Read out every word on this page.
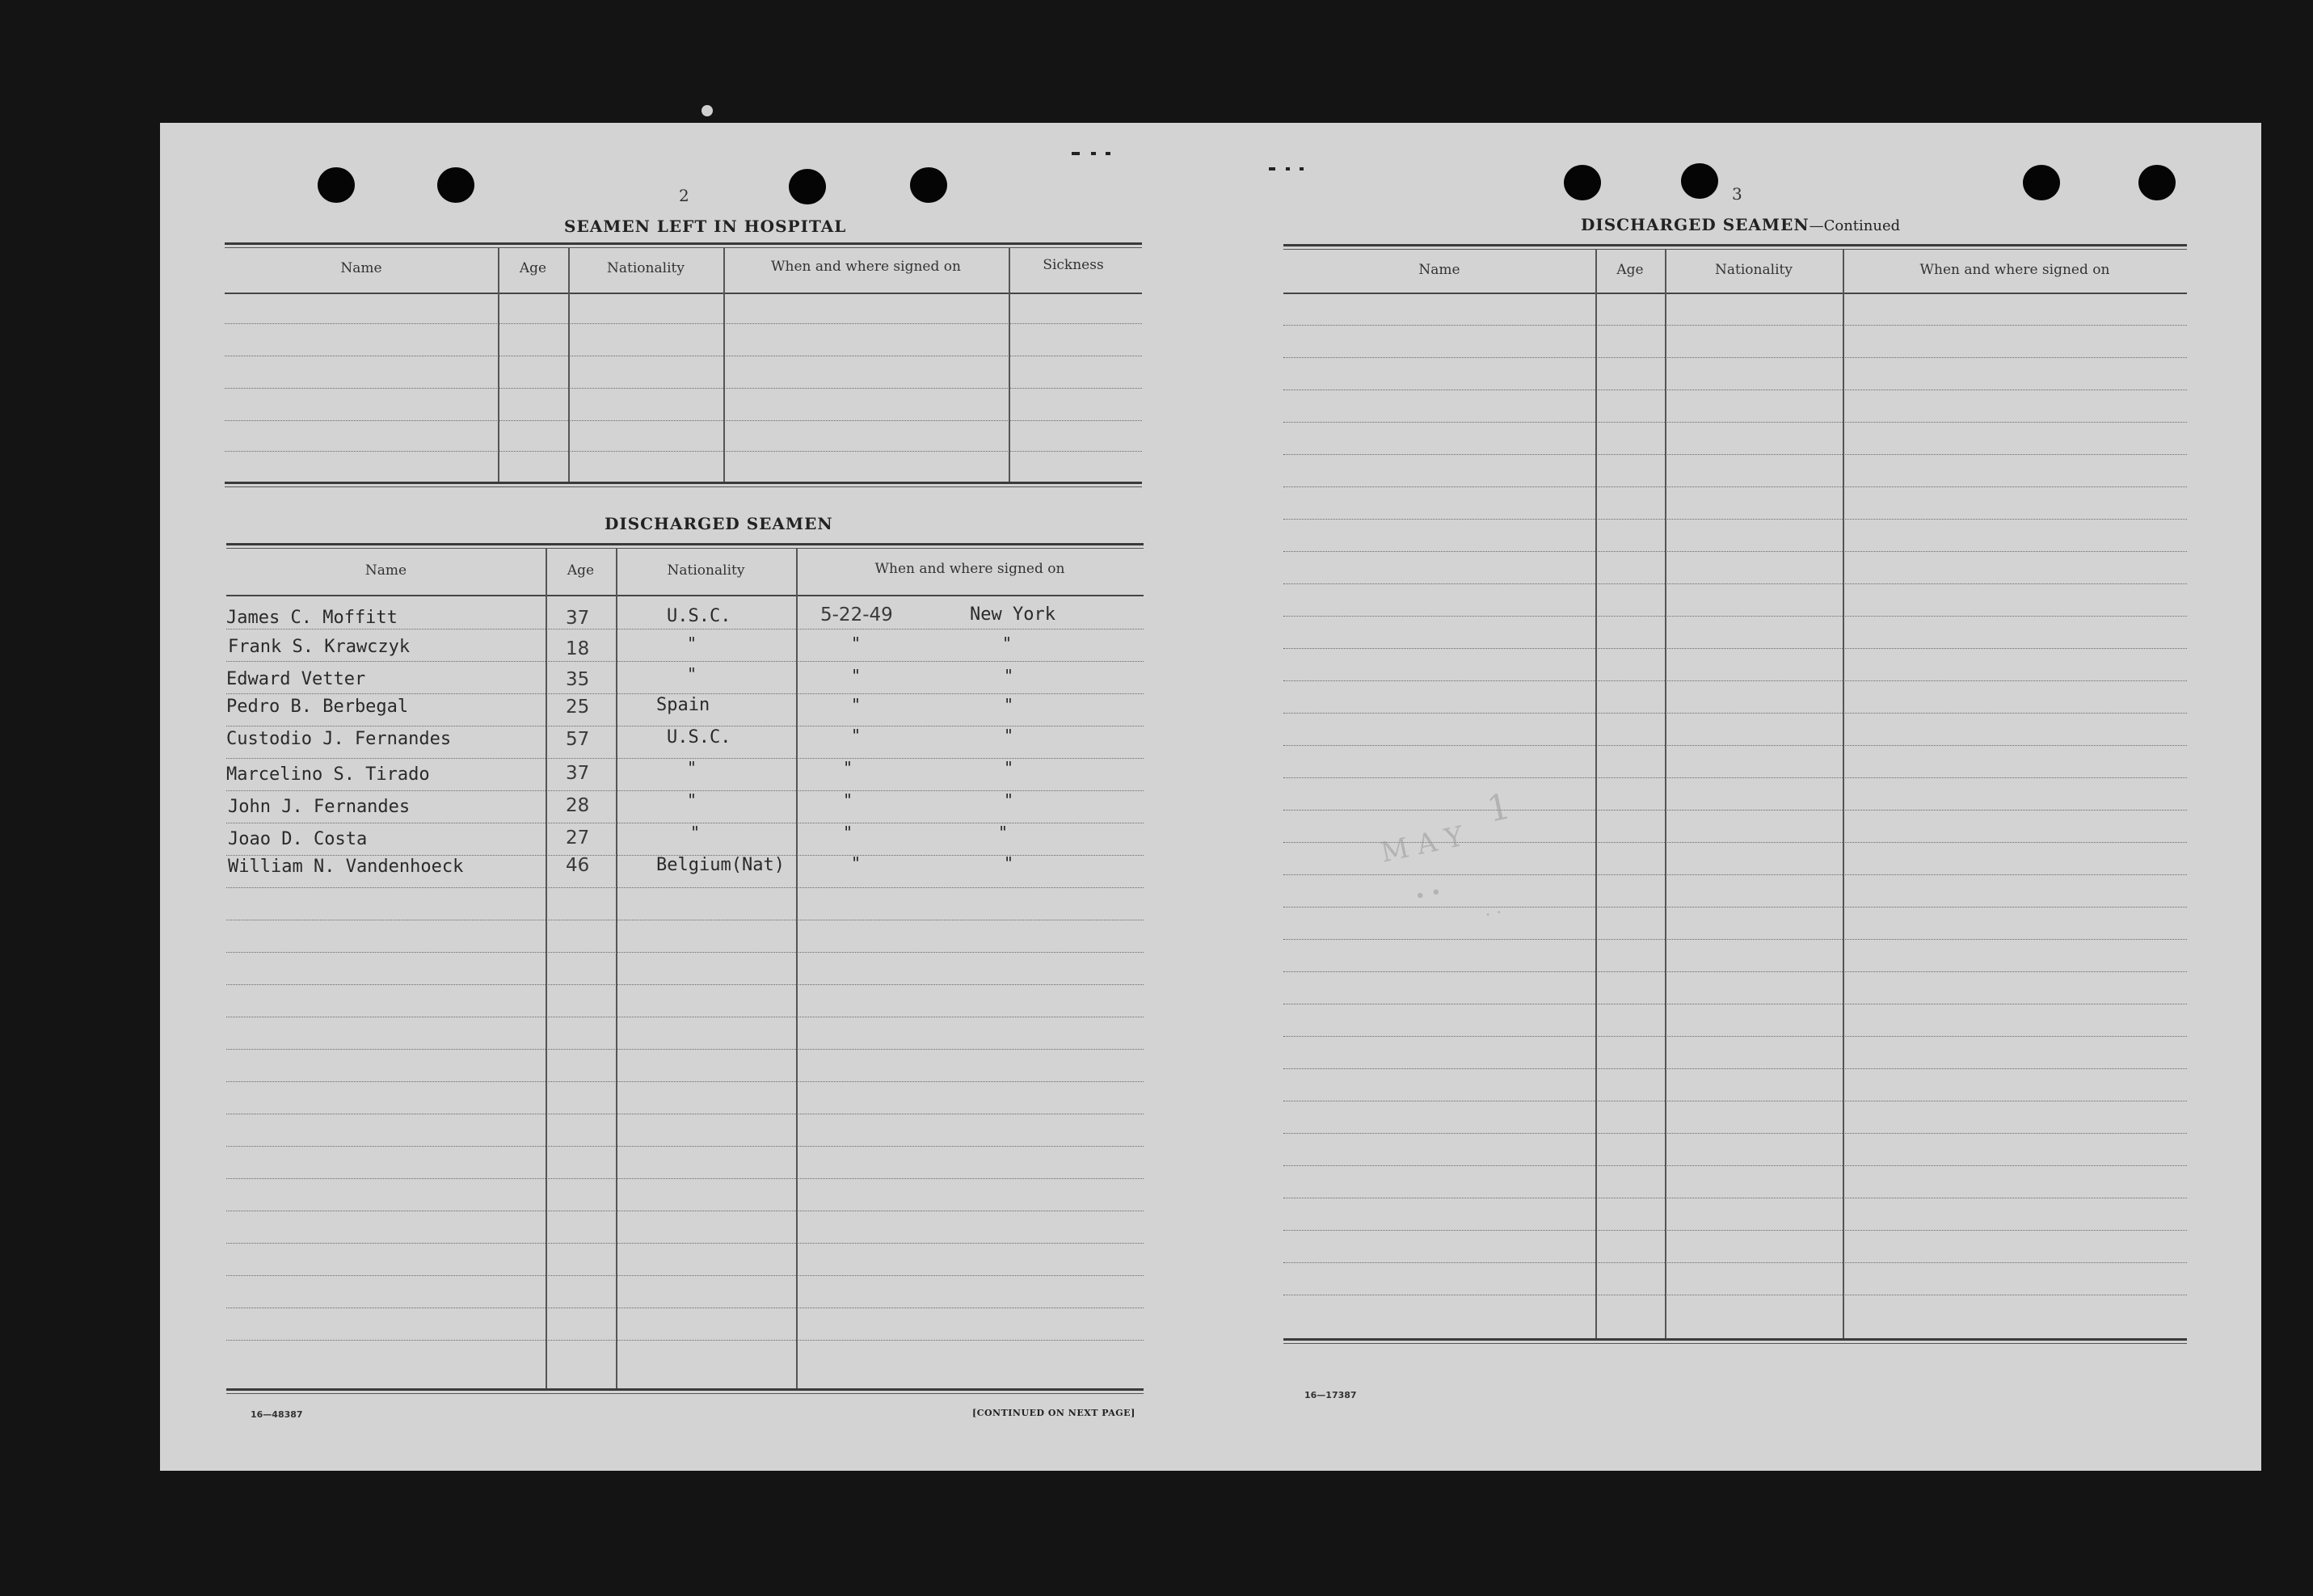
2
SEAMEN LEFT IN HOSPITAL
Name	Age	Nationality	When and where signed on	Sickness
DISCHARGED SEAMEN
Name	Age	Nationality	When and where signed on
James C. Moffitt	37	U.S.C.	5-22-49	New York
Frank S. Krawczyk	18	"	"	"
Edward Vetter	35	"	"	"
Pedro B. Berbegal	25	Spain	"	"
Custodio J. Fernandes	57	U.S.C.	"	"
Marcelino S. Tirado	37	"	"	"
John J. Fernandes	28	"	"	"
Joao D. Costa	27	"	"	"
William N. Vandenhoeck	46	Belgium(Nat)	"	"
16—48387	[CONTINUED ON NEXT PAGE]
3
DISCHARGED SEAMEN—Continued
Name	Age	Nationality	When and where signed on
M A Y
1
• •
· ·
16—17387
